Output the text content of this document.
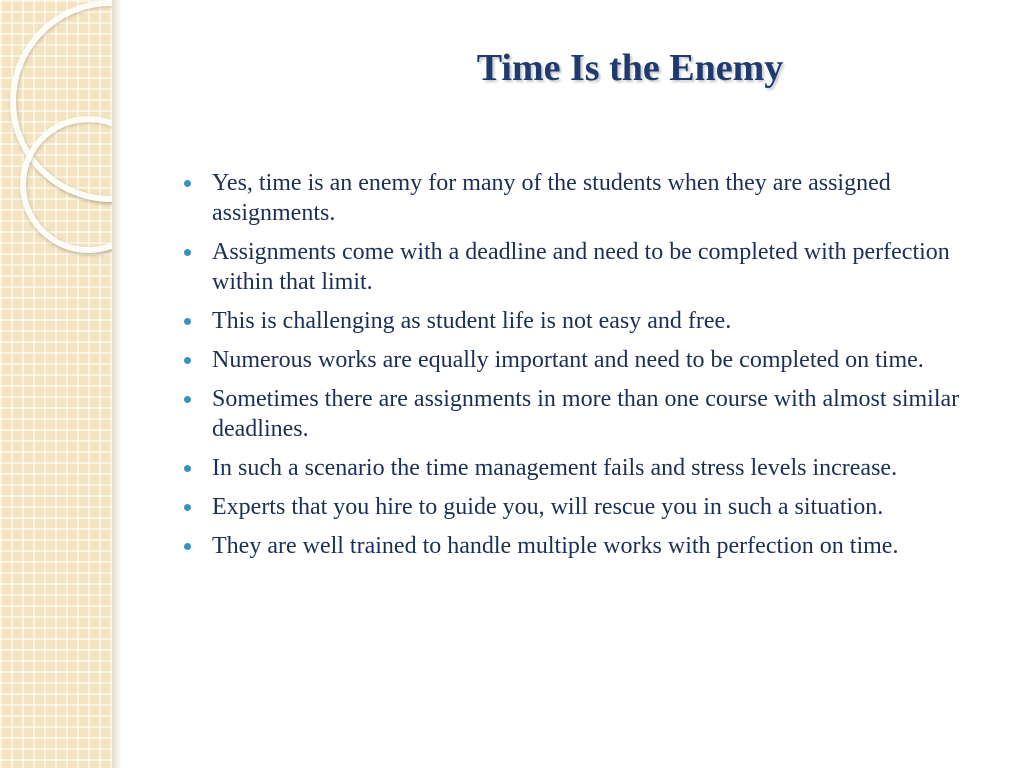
Time Is the Enemy
Yes, time is an enemy for many of the students when they are assigned assignments.
Assignments come with a deadline and need to be completed with perfection within that limit.
This is challenging as student life is not easy and free.
Numerous works are equally important and need to be completed on time.
Sometimes there are assignments in more than one course with almost similar deadlines.
In such a scenario the time management fails and stress levels increase.
Experts that you hire to guide you, will rescue you in such a situation.
They are well trained to handle multiple works with perfection on time.
